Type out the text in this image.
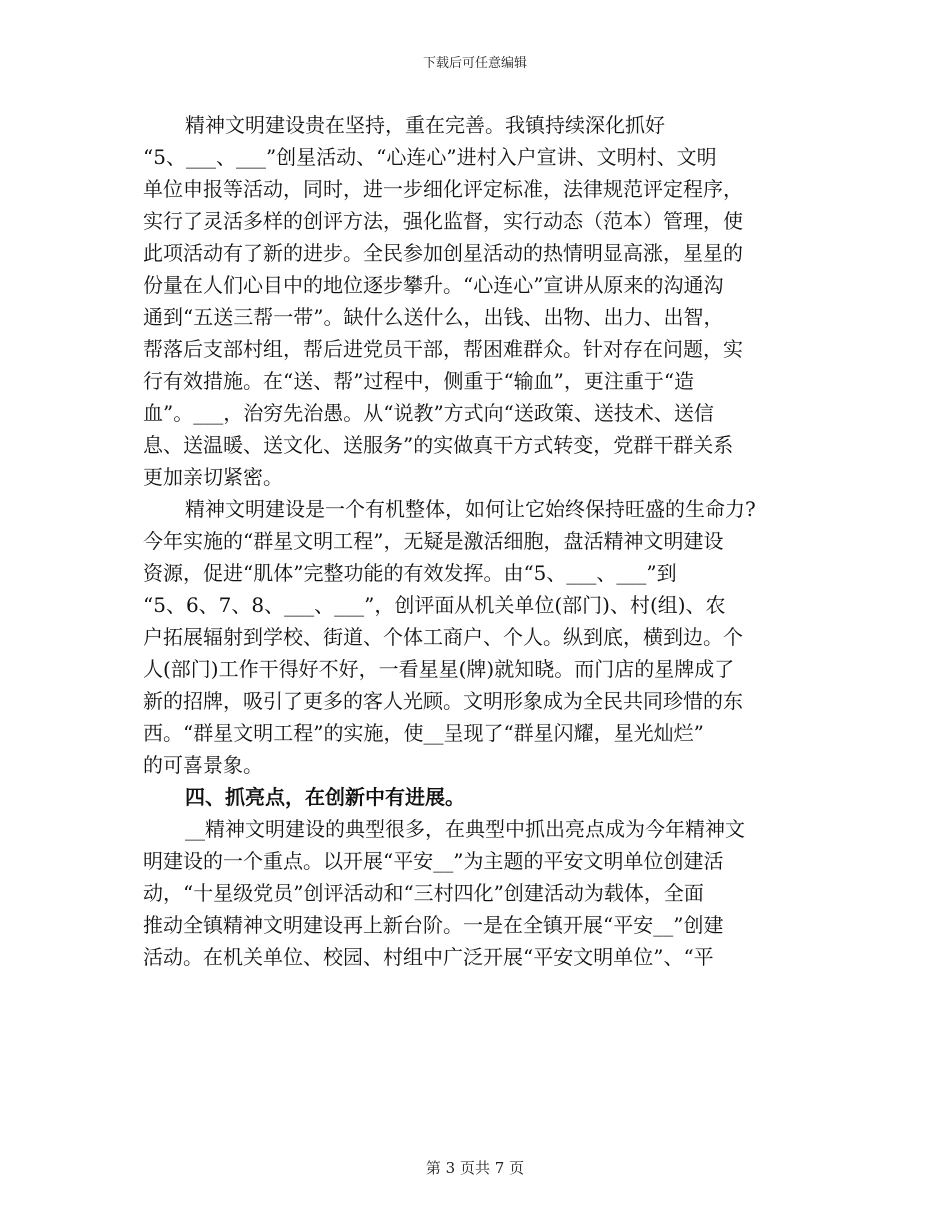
下载后可任意编辑
精神文明建设贵在坚持，重在完善。我镇持续深化抓好
“5、___、___”创星活动、“心连心”进村入户宣讲、文明村、文明
单位申报等活动，同时，进一步细化评定标准，法律规范评定程序，
实行了灵活多样的创评方法，强化监督，实行动态（范本）管理，使
此项活动有了新的进步。全民参加创星活动的热情明显高涨，星星的
份量在人们心目中的地位逐步攀升。“心连心”宣讲从原来的沟通沟
通到“五送三帮一带”。缺什么送什么，出钱、出物、出力、出智，
帮落后支部村组，帮后进党员干部，帮困难群众。针对存在问题，实
行有效措施。在“送、帮”过程中，侧重于“输血”，更注重于“造
血”。___，治穷先治愚。从“说教”方式向“送政策、送技术、送信
息、送温暖、送文化、送服务”的实做真干方式转变，党群干群关系
更加亲切紧密。
精神文明建设是一个有机整体，如何让它始终保持旺盛的生命力?
今年实施的“群星文明工程”，无疑是激活细胞，盘活精神文明建设
资源，促进“肌体”完整功能的有效发挥。由“5、___、___”到
“5、6、7、8、___、___”，创评面从机关单位(部门)、村(组)、农
户拓展辐射到学校、街道、个体工商户、个人。纵到底，横到边。个
人(部门)工作干得好不好，一看星星(牌)就知晓。而门店的星牌成了
新的招牌，吸引了更多的客人光顾。文明形象成为全民共同珍惜的东
西。“群星文明工程”的实施，使__呈现了“群星闪耀，星光灿烂”
的可喜景象。
四、抓亮点，在创新中有进展。
__精神文明建设的典型很多，在典型中抓出亮点成为今年精神文
明建设的一个重点。以开展“平安__”为主题的平安文明单位创建活
动，“十星级党员”创评活动和“三村四化”创建活动为载体，全面
推动全镇精神文明建设再上新台阶。一是在全镇开展“平安__”创建
活动。在机关单位、校园、村组中广泛开展“平安文明单位”、“平
第 3 页共 7 页
